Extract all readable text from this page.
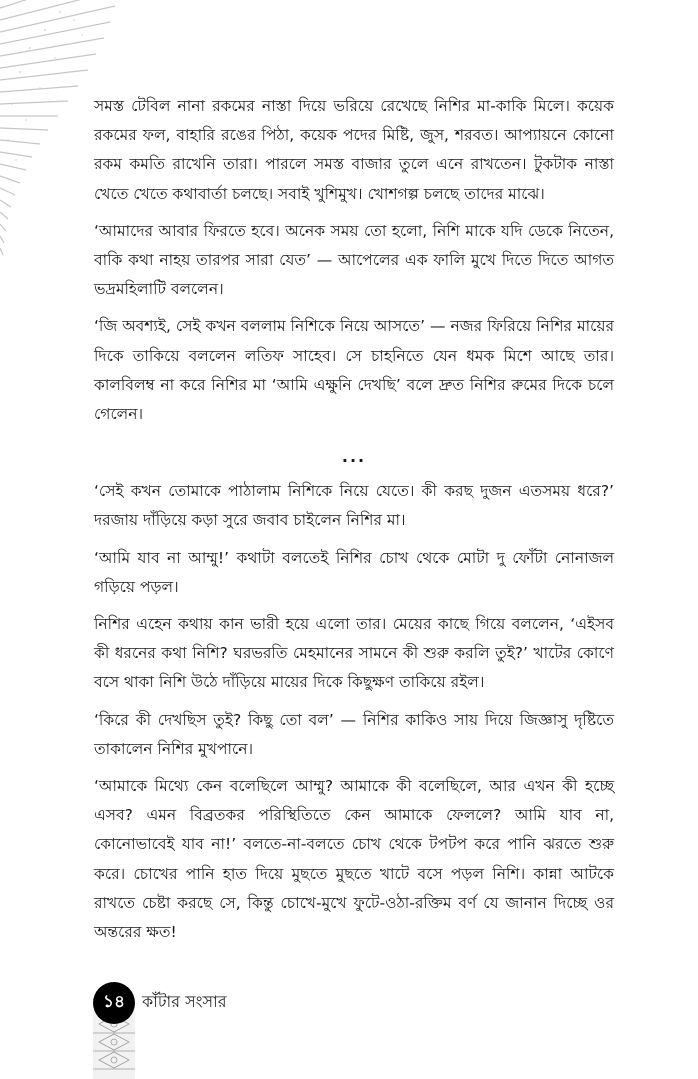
সমস্ত টেবিল নানা রকমের নাস্তা দিয়ে ভরিয়ে রেখেছে নিশির মা-কাকি মিলে। কয়েক রকমের ফল, বাহারি রঙের পিঠা, কয়েক পদের মিষ্টি, জুস, শরবত। আপ্যায়নে কোনো রকম কমতি রাখেনি তারা। পারলে সমস্ত বাজার তুলে এনে রাখতেন। টুকটাক নাস্তা খেতে খেতে কথাবার্তা চলছে। সবাই খুশিমুখ। খোশগল্প চলছে তাদের মাঝে।

‘আমাদের আবার ফিরতে হবে। অনেক সময় তো হলো, নিশি মাকে যদি ডেকে নিতেন, বাকি কথা নাহয় তারপর সারা যেত’ — আপেলের এক ফালি মুখে দিতে দিতে আগত ভদ্রমহিলাটি বললেন।

‘জি অবশ্যই, সেই কখন বললাম নিশিকে নিয়ে আসতে’ — নজর ফিরিয়ে নিশির মায়ের দিকে তাকিয়ে বললেন লতিফ সাহেব। সে চাহনিতে যেন ধমক মিশে আছে তার। কালবিলম্ব না করে নিশির মা ‘আমি এক্ষুনি দেখছি’ বলে দ্রুত নিশির রুমের দিকে চলে গেলেন।

...

‘সেই কখন তোমাকে পাঠালাম নিশিকে নিয়ে যেতে। কী করছ দুজন এতসময় ধরে?’ দরজায় দাঁড়িয়ে কড়া সুরে জবাব চাইলেন নিশির মা।

‘আমি যাব না আম্মু!’ কথাটা বলতেই নিশির চোখ থেকে মোটা দু ফোঁটা নোনাজল গড়িয়ে পড়ল।

নিশির এহেন কথায় কান ভারী হয়ে এলো তার। মেয়ের কাছে গিয়ে বললেন, ‘এইসব কী ধরনের কথা নিশি? ঘরভরতি মেহমানের সামনে কী শুরু করলি তুই?’ খাটের কোণে বসে থাকা নিশি উঠে দাঁড়িয়ে মায়ের দিকে কিছুক্ষণ তাকিয়ে রইল।

‘কিরে কী দেখছিস তুই? কিছু তো বল’ — নিশির কাকিও সায় দিয়ে জিজ্ঞাসু দৃষ্টিতে তাকালেন নিশির মুখপানে।

‘আমাকে মিথ্যে কেন বলেছিলে আম্মু? আমাকে কী বলেছিলে, আর এখন কী হচ্ছে এসব? এমন বিব্রতকর পরিস্থিতিতে কেন আমাকে ফেললে? আমি যাব না, কোনোভাবেই যাব না!’ বলতে-না-বলতে চোখ থেকে টপটপ করে পানি ঝরতে শুরু করে। চোখের পানি হাত দিয়ে মুছতে মুছতে খাটে বসে পড়ল নিশি। কান্না আটকে রাখতে চেষ্টা করছে সে, কিন্তু চোখে-মুখে ফুটে-ওঠা-রক্তিম বর্ণ যে জানান দিচ্ছে ওর অন্তরের ক্ষত!

১৪ কাঁটার সংসার
